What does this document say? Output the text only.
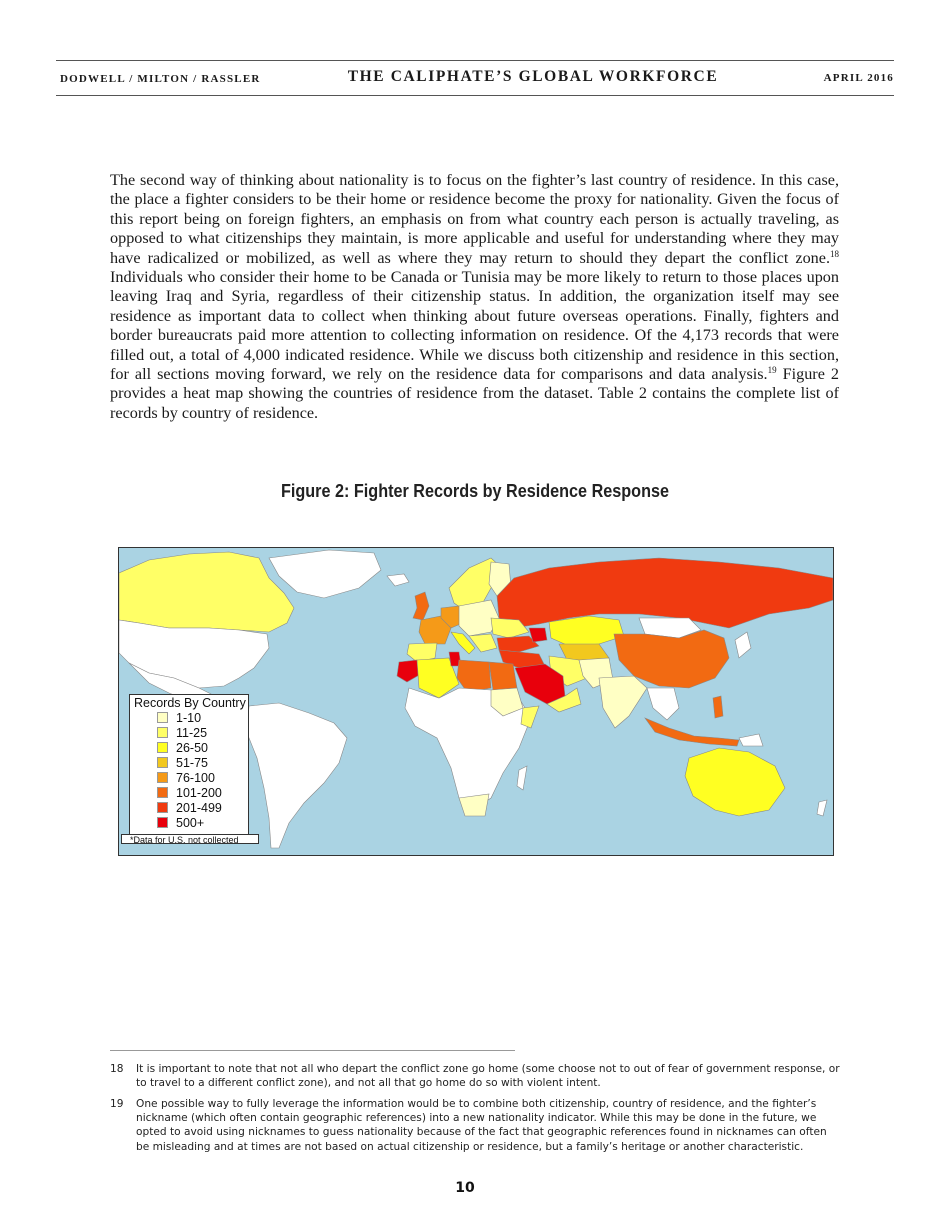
DODWELL / MILTON / RASSLER	THE CALIPHATE’S GLOBAL WORKFORCE	APRIL 2016
The second way of thinking about nationality is to focus on the fighter’s last country of residence. In this case, the place a fighter considers to be their home or residence become the proxy for nationality. Given the focus of this report being on foreign fighters, an emphasis on from what country each person is actually traveling, as opposed to what citizenships they maintain, is more applicable and useful for understanding where they may have radicalized or mobilized, as well as where they may return to should they depart the conflict zone.$^{18}$ Individuals who consider their home to be Canada or Tunisia may be more likely to return to those places upon leaving Iraq and Syria, regardless of their citizenship status. In addition, the organization itself may see residence as important data to collect when thinking about future overseas operations. Finally, fighters and border bureaucrats paid more attention to collecting information on residence. Of the 4,173 records that were filled out, a total of 4,000 indicated residence. While we discuss both citizenship and residence in this section, for all sections moving forward, we rely on the residence data for comparisons and data analysis.$^{19}$ Figure 2 provides a heat map showing the countries of residence from the dataset. Table 2 contains the complete list of records by country of residence.
Figure 2: Fighter Records by Residence Response
Records By Country
1-10
11-25
26-50
51-75
76-100
101-200
201-499
500+
*Data for U.S. not collected
18 It is important to note that not all who depart the conflict zone go home (some choose not to out of fear of government response, or to travel to a different conflict zone), and not all that go home do so with violent intent.
19 One possible way to fully leverage the information would be to combine both citizenship, country of residence, and the fighter’s nickname (which often contain geographic references) into a new nationality indicator. While this may be done in the future, we opted to avoid using nicknames to guess nationality because of the fact that geographic references found in nicknames can often be misleading and at times are not based on actual citizenship or residence, but a family’s heritage or another characteristic.
10
